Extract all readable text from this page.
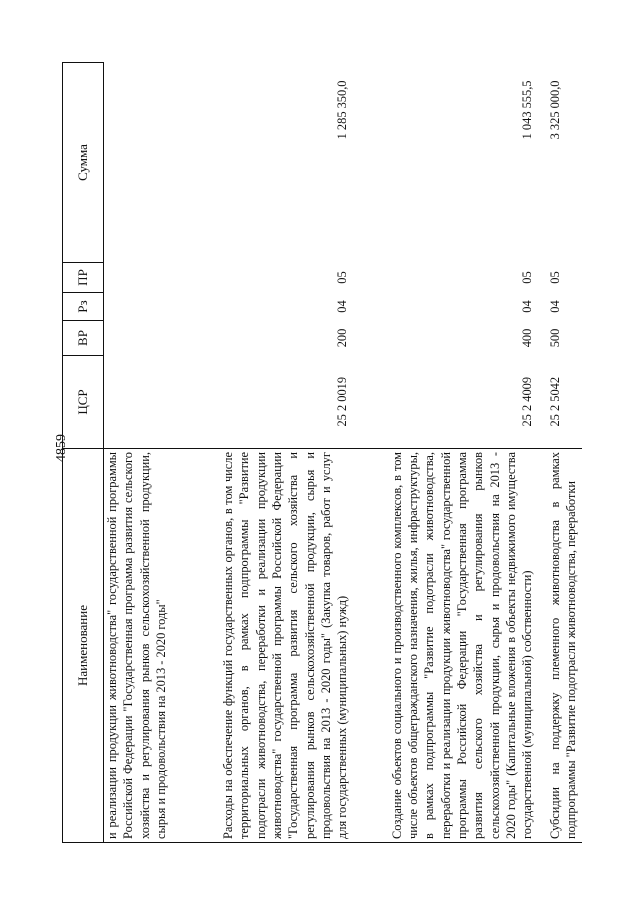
4859
Наименование	ЦСР	ВР	Рз	ПР	Сумма
и реализации продукции животноводства" государственной программы Российской Федерации "Государственная программа развития сельского хозяйства и регулирования рынков сельскохозяйственной продукции, сырья и продовольствия на 2013 - 2020 годы"					
Расходы на обеспечение функций государственных органов, в том числе территориальных органов, в рамках подпрограммы "Развитие подотрасли животноводства, переработки и реализации продукции животноводства" государственной программы Российской Федерации "Государственная программа развития сельского хозяйства и регулирования рынков сельскохозяйственной продукции, сырья и продовольствия на 2013 - 2020 годы" (Закупка товаров, работ и услуг для государственных (муниципальных) нужд)	25 2 0019	200	04	05	1 285 350,0
Создание объектов социального и производственного комплексов, в том числе объектов общегражданского назначения, жилья, инфраструктуры, в рамках подпрограммы "Развитие подотрасли животноводства, переработки и реализации продукции животноводства" государственной программы Российской Федерации "Государственная программа развития сельского хозяйства и регулирования рынков сельскохозяйственной продукции, сырья и продовольствия на 2013 - 2020 годы" (Капитальные вложения в объекты недвижимого имущества государственной (муниципальной) собственности)	25 2 4009	400	04	05	1 043 555,5
Субсидии на поддержку племенного животноводства в рамках подпрограммы "Развитие подотрасли животноводства, переработки	25 2 5042	500	04	05	3 325 000,0
